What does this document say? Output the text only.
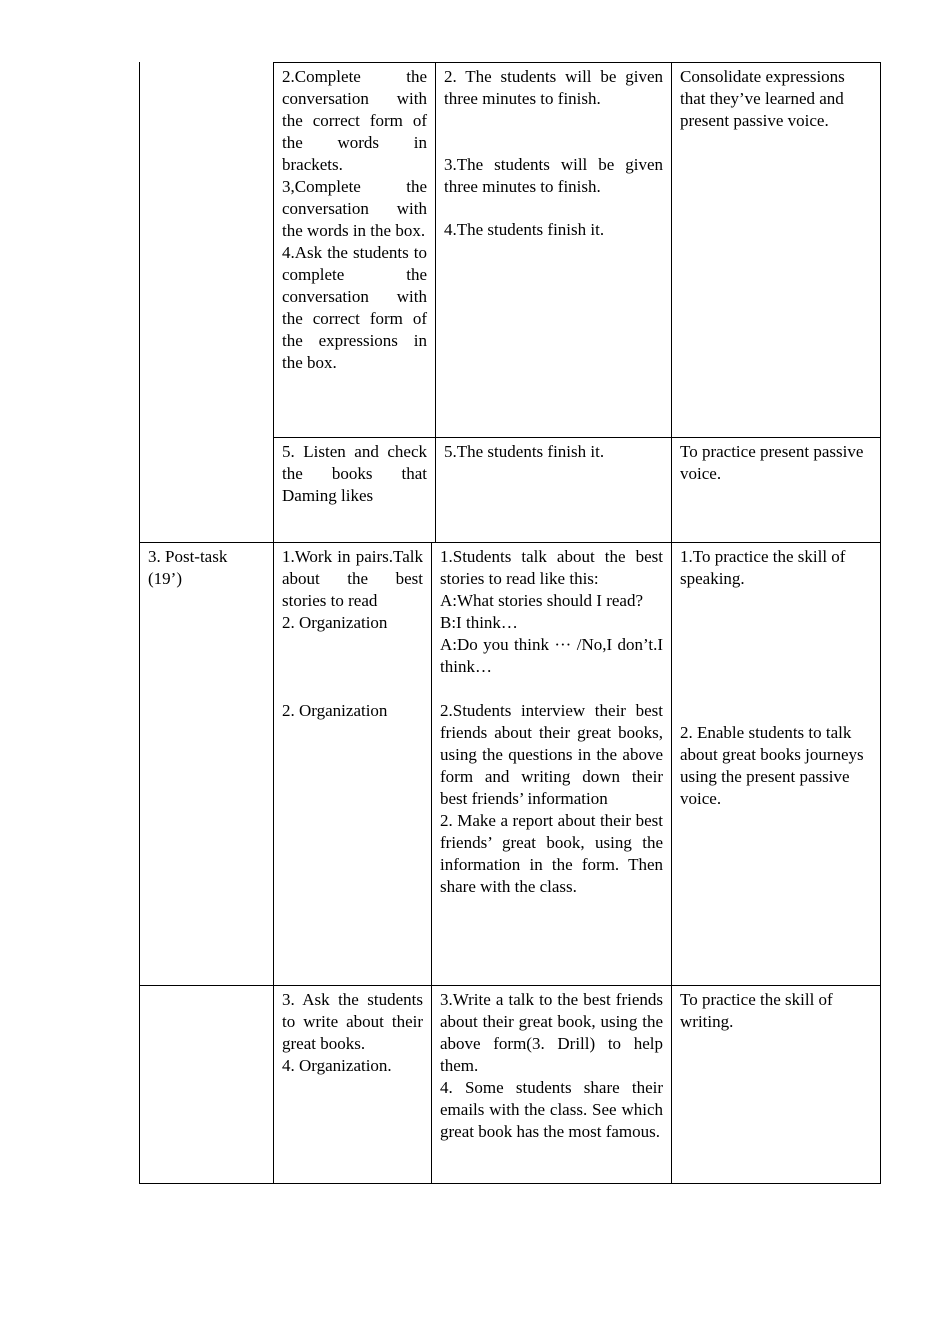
2.Complete the conversation with the correct form of the words in brackets.

3,Complete the conversation with the words in the box.

4.Ask the students to complete the conversation with the correct form of the expressions in the box.

2. The students will be given three minutes to finish.

3.The students will be given three minutes to finish.

4.The students finish it.

Consolidate expressions that they’ve learned and present passive voice.

5. Listen and check the books that Daming likes

5.The students finish it.	To practice present passive voice.

3. Post-task (19’)

1.Work in pairs.Talk about the best stories to read

2. Organization

2. Organization

1.Students talk about the best stories to read like this:

A:What stories should I read?

B:I think…

A:Do you think ··· /No,I don’t.I think…

2.Students interview their best friends about their great books, using the questions in the above form and writing down their best friends’ information

2. Make a report about their best friends’ great book, using the information in the form. Then share with the class.

1.To practice the skill of speaking.

2. Enable students to talk about great books journeys using the present passive voice.

3. Ask the students to write about their great books.

4. Organization.

3.Write a talk to the best friends about their great book, using the above form(3. Drill) to help them.

4. Some students share their emails with the class. See which great book has the most famous.

To practice the skill of writing.
